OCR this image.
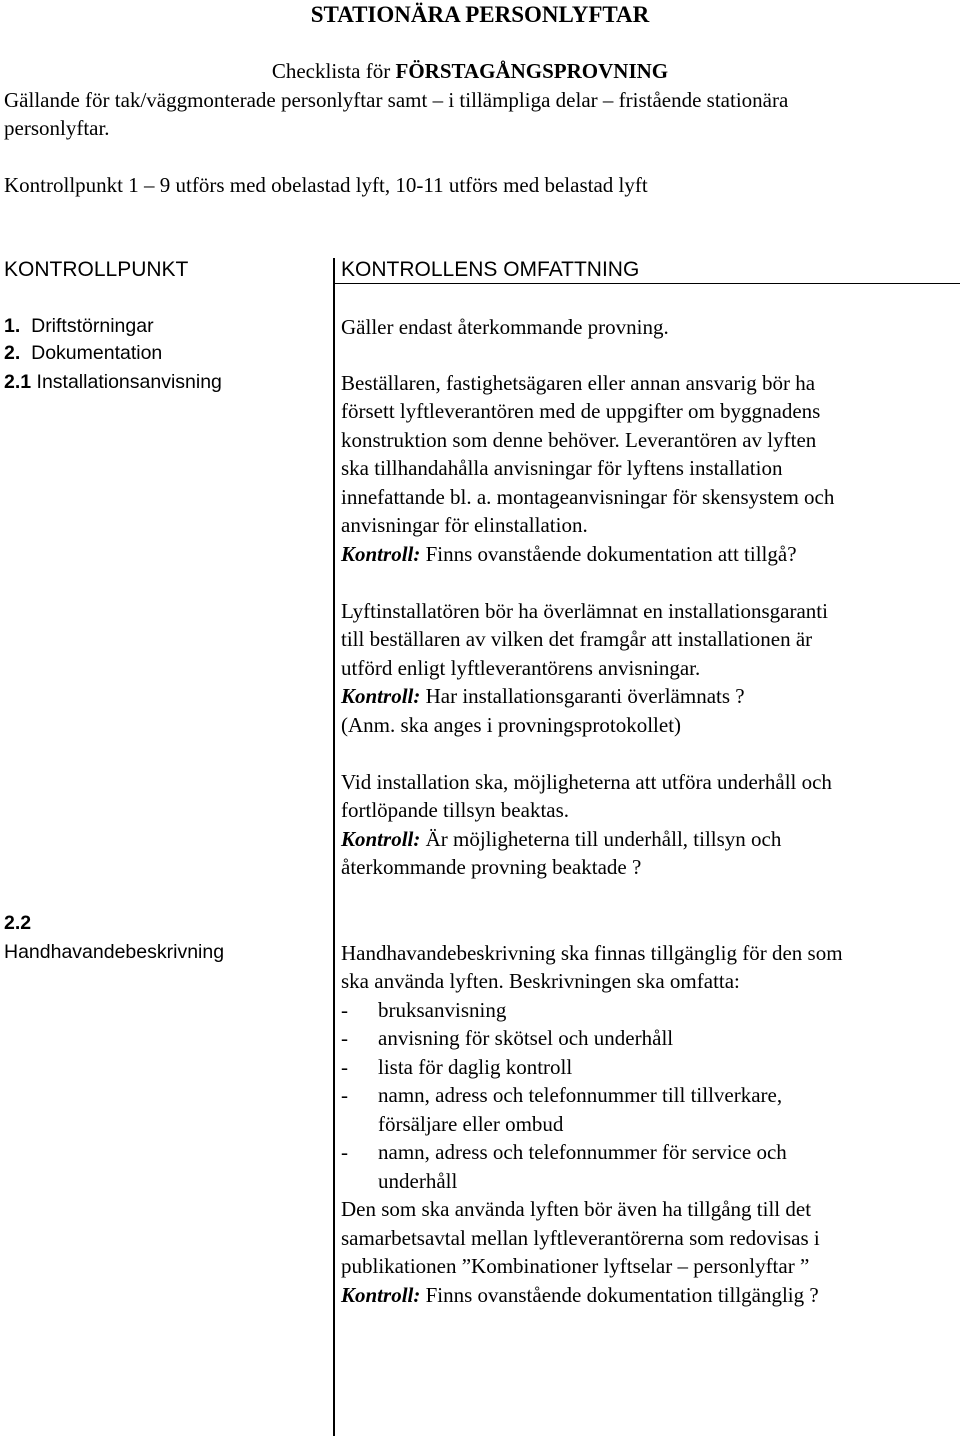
STATIONÄRA PERSONLYFTAR
Checklista för FÖRSTAGÅNGSPROVNING
Gällande för tak/väggmonterade personlyftar samt – i tillämpliga delar – fristående stationära
personlyftar.
Kontrollpunkt 1 – 9 utförs med obelastad lyft, 10-11 utförs med belastad lyft
KONTROLLPUNKT	KONTROLLENS OMFATTNING
1. Driftstörningar
2. Dokumentation
2.1 Installationsanvisning
2.2
Handhavandebeskrivning
Gäller endast återkommande provning.
Beställaren, fastighetsägaren eller annan ansvarig bör ha
försett lyftleverantören med de uppgifter om byggnadens
konstruktion som denne behöver. Leverantören av lyften
ska tillhandahålla anvisningar för lyftens installation
innefattande bl. a. montageanvisningar för skensystem och
anvisningar för elinstallation.
Kontroll: Finns ovanstående dokumentation att tillgå?
Lyftinstallatören bör ha överlämnat en installationsgaranti
till beställaren av vilken det framgår att installationen är
utförd enligt lyftleverantörens anvisningar.
Kontroll: Har installationsgaranti överlämnats ?
(Anm. ska anges i provningsprotokollet)
Vid installation ska, möjligheterna att utföra underhåll och
fortlöpande tillsyn beaktas.
Kontroll: Är möjligheterna till underhåll, tillsyn och
återkommande provning beaktade ?
Handhavandebeskrivning ska finnas tillgänglig för den som
ska använda lyften. Beskrivningen ska omfatta:
- bruksanvisning
- anvisning för skötsel och underhåll
- lista för daglig kontroll
- namn, adress och telefonnummer till tillverkare,
försäljare eller ombud
- namn, adress och telefonnummer för service och
underhåll
Den som ska använda lyften bör även ha tillgång till det
samarbetsavtal mellan lyftleverantörerna som redovisas i
publikationen ”Kombinationer lyftselar – personlyftar ”
Kontroll: Finns ovanstående dokumentation tillgänglig ?
